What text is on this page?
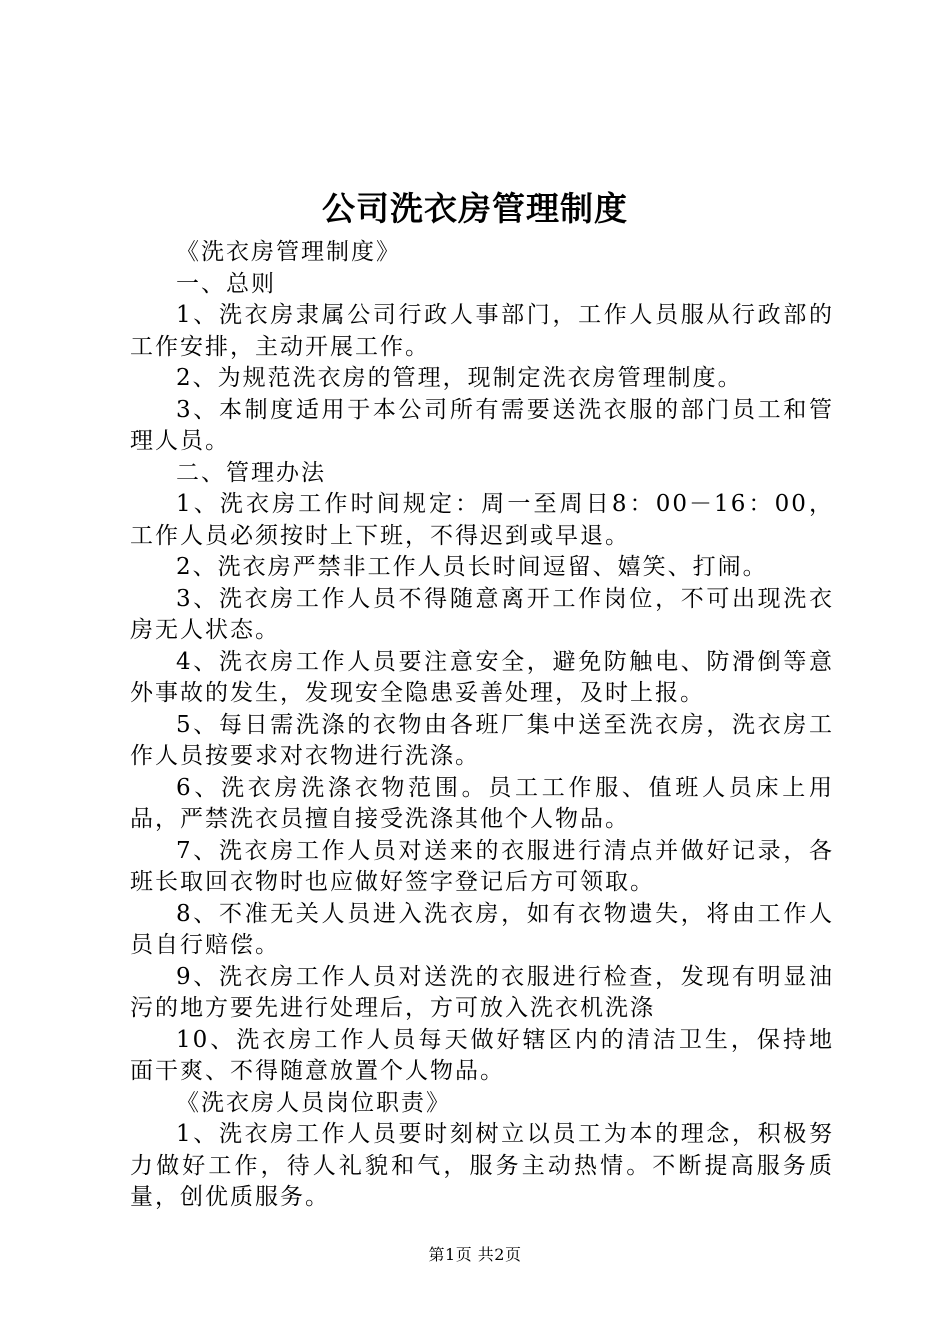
公司洗衣房管理制度

《洗衣房管理制度》

一、总则

1、洗衣房隶属公司行政人事部门，工作人员服从行政部的工作安排，主动开展工作。

2、为规范洗衣房的管理，现制定洗衣房管理制度。

3、本制度适用于本公司所有需要送洗衣服的部门员工和管理人员。

二、管理办法

1、洗衣房工作时间规定：周一至周日8：00－16：00，工作人员必须按时上下班，不得迟到或早退。

2、洗衣房严禁非工作人员长时间逗留、嬉笑、打闹。

3、洗衣房工作人员不得随意离开工作岗位，不可出现洗衣房无人状态。

4、洗衣房工作人员要注意安全，避免防触电、防滑倒等意外事故的发生，发现安全隐患妥善处理，及时上报。

5、每日需洗涤的衣物由各班厂集中送至洗衣房，洗衣房工作人员按要求对衣物进行洗涤。

6、洗衣房洗涤衣物范围。员工工作服、值班人员床上用品，严禁洗衣员擅自接受洗涤其他个人物品。

7、洗衣房工作人员对送来的衣服进行清点并做好记录，各班长取回衣物时也应做好签字登记后方可领取。

8、不准无关人员进入洗衣房，如有衣物遗失，将由工作人员自行赔偿。

9、洗衣房工作人员对送洗的衣服进行检查，发现有明显油污的地方要先进行处理后，方可放入洗衣机洗涤

10、洗衣房工作人员每天做好辖区内的清洁卫生，保持地面干爽、不得随意放置个人物品。

《洗衣房人员岗位职责》

1、洗衣房工作人员要时刻树立以员工为本的理念，积极努力做好工作，待人礼貌和气，服务主动热情。不断提高服务质量，创优质服务。

第1页 共2页
